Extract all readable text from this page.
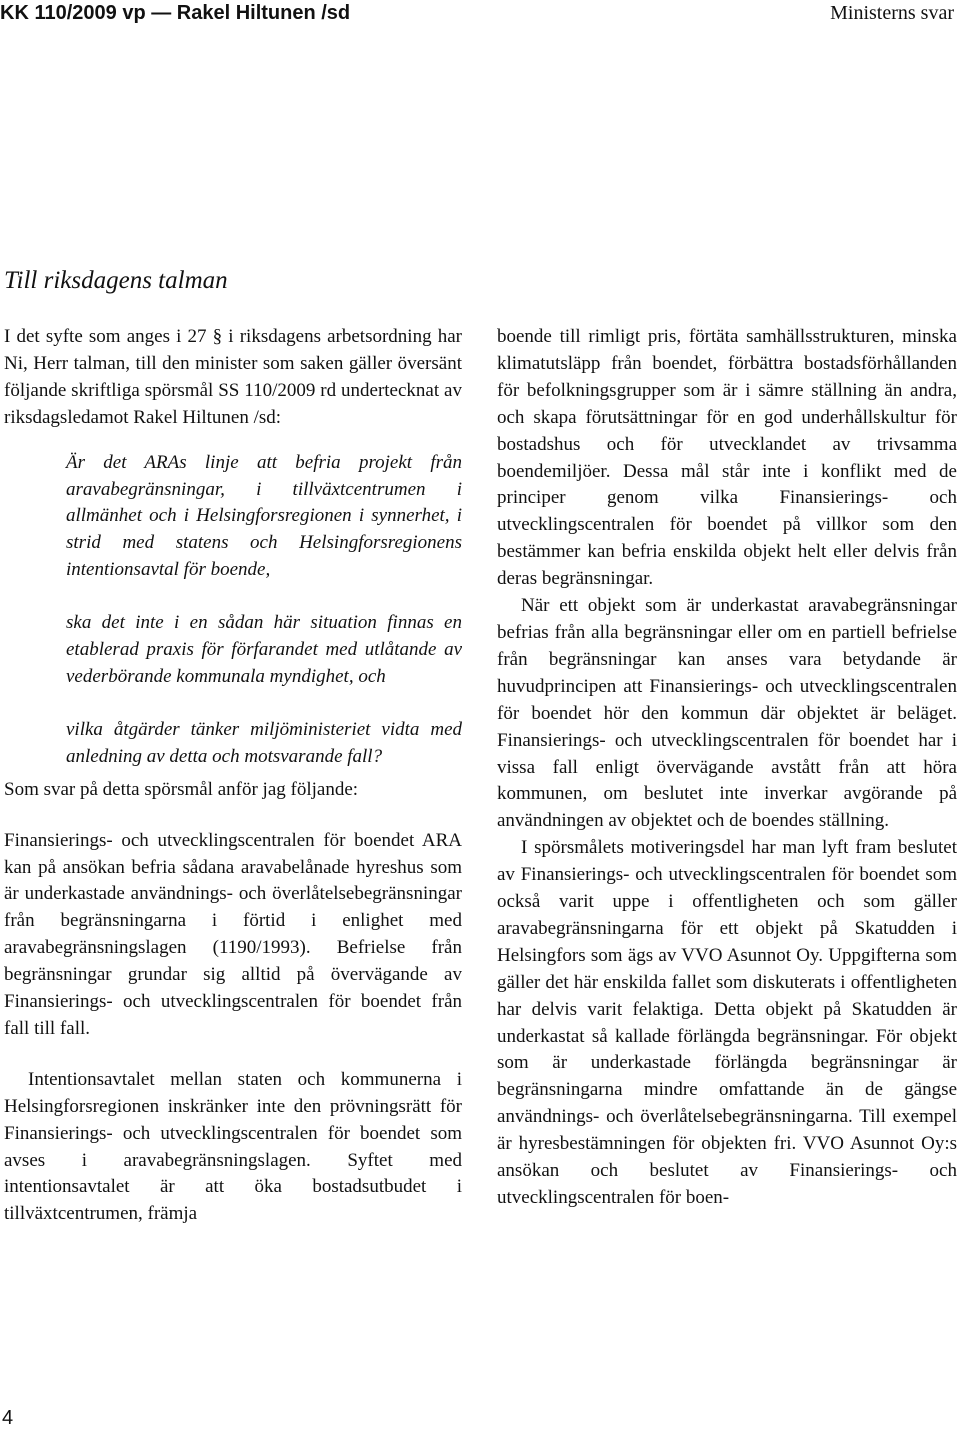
KK 110/2009 vp — Rakel Hiltunen /sd	Ministerns svar
Till riksdagens talman

I det syfte som anges i 27 § i riksdagens arbetsordning har Ni, Herr talman, till den minister som saken gäller översänt följande skriftliga spörsmål SS 110/2009 rd undertecknat av riksdagsledamot Rakel Hiltunen /sd:

Är det ARAs linje att befria projekt från aravabegränsningar, i tillväxtcentrumen i allmänhet och i Helsingforsregionen i synnerhet, i strid med statens och Helsingforsregionens intentionsavtal för boende,

ska det inte i en sådan här situation finnas en etablerad praxis för förfarandet med utlåtande av vederbörande kommunala myndighet, och

vilka åtgärder tänker miljöministeriet vidta med anledning av detta och motsvarande fall?

Som svar på detta spörsmål anför jag följande:

Finansierings- och utvecklingscentralen för boendet ARA kan på ansökan befria sådana aravabelånade hyreshus som är underkastade användnings- och överlåtelsebegränsningar från begränsningarna i förtid i enlighet med aravabegränsningslagen (1190/1993). Befrielse från begränsningar grundar sig alltid på övervägande av Finansierings- och utvecklingscentralen för boendet från fall till fall.

Intentionsavtalet mellan staten och kommunerna i Helsingforsregionen inskränker inte den prövningsrätt för Finansierings- och utvecklingscentralen för boendet som avses i aravabegränsningslagen. Syftet med intentionsavtalet är att öka bostadsutbudet i tillväxtcentrumen, främja

boende till rimligt pris, förtäta samhällsstrukturen, minska klimatutsläpp från boendet, förbättra bostadsförhållanden för befolkningsgrupper som är i sämre ställning än andra, och skapa förutsättningar för en god underhållskultur för bostadshus och för utvecklandet av trivsamma boendemiljöer. Dessa mål står inte i konflikt med de principer genom vilka Finansierings- och utvecklingscentralen för boendet på villkor som den bestämmer kan befria enskilda objekt helt eller delvis från deras begränsningar.

När ett objekt som är underkastat aravabegränsningar befrias från alla begränsningar eller om en partiell befrielse från begränsningar kan anses vara betydande är huvudprincipen att Finansierings- och utvecklingscentralen för boendet hör den kommun där objektet är beläget. Finansierings- och utvecklingscentralen för boendet har i vissa fall enligt övervägande avstått från att höra kommunen, om beslutet inte inverkar avgörande på användningen av objektet och de boendes ställning.

I spörsmålets motiveringsdel har man lyft fram beslutet av Finansierings- och utvecklingscentralen för boendet som också varit uppe i offentligheten och som gäller aravabegränsningarna för ett objekt på Skatudden i Helsingfors som ägs av VVO Asunnot Oy. Uppgifterna som gäller det här enskilda fallet som diskuterats i offentligheten har delvis varit felaktiga. Detta objekt på Skatudden är underkastat så kallade förlängda begränsningar. För objekt som är underkastade förlängda begränsningar är begränsningarna mindre omfattande än de gängse användnings- och överlåtelsebegränsningarna. Till exempel är hyresbestämningen för objekten fri. VVO Asunnot Oy:s ansökan och beslutet av Finansierings- och utvecklingscentralen för boen-

4
